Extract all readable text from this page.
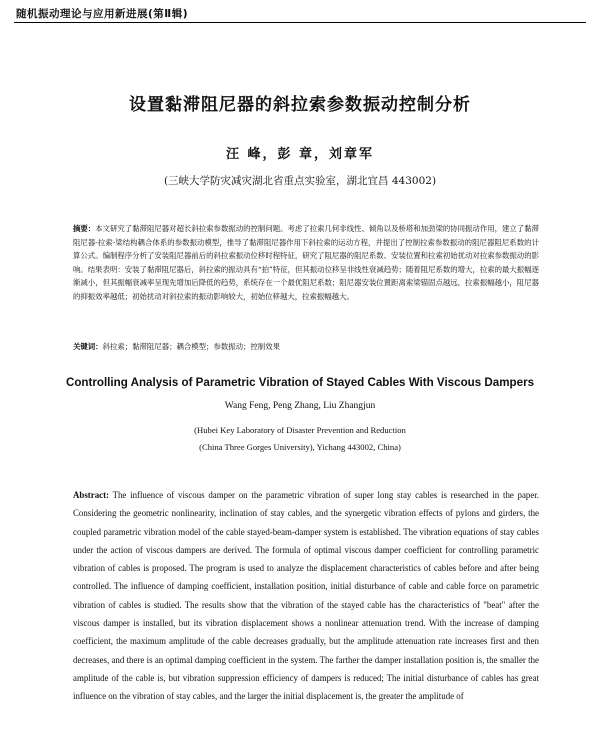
随机振动理论与应用新进展(第Ⅱ辑)
设置黏滞阻尼器的斜拉索参数振动控制分析
汪 峰，彭 章，刘章军
(三峡大学防灾减灾湖北省重点实验室，湖北宜昌 443002)
摘要：本文研究了黏滞阻尼器对超长斜拉索参数振动的控制问题。考虑了拉索几何非线性、倾角以及桥塔和加劲梁的协同振动作用，建立了黏滞阻尼器-拉索-梁结构耦合体系的参数振动模型，推导了黏滞阻尼器作用下斜拉索的运动方程，并提出了控制拉索参数振动的阻尼器阻尼系数的计算公式。编制程序分析了安装阻尼器前后的斜拉索振动位移时程特征，研究了阻尼器的阻尼系数、安装位置和拉索初始扰动对拉索参数振动的影响。结果表明：安装了黏滞阻尼器后，斜拉索的振动具有“拍”特征，但其振动位移呈非线性衰减趋势；随着阻尼系数的增大，拉索的最大振幅逐渐减小，但其振幅衰减率呈现先增加后降低的趋势，系统存在一个最优阻尼系数；阻尼器安装位置距离索梁锚固点越远，拉索振幅越小，阻尼器的抑振效率越低；初始扰动对斜拉索的振动影响较大，初始位移越大，拉索振幅越大。
关键词：斜拉索；黏滞阻尼器；耦合模型；参数振动；控制效果
Controlling Analysis of Parametric Vibration of Stayed Cables With Viscous Dampers
Wang Feng, Peng Zhang, Liu Zhangjun
(Hubei Key Laboratory of Disaster Prevention and Reduction
(China Three Gorges University), Yichang 443002, China)
Abstract: The influence of viscous damper on the parametric vibration of super long stay cables is researched in the paper. Considering the geometric nonlinearity, inclination of stay cables, and the synergetic vibration effects of pylons and girders, the coupled parametric vibration model of the cable stayed-beam-damper system is established. The vibration equations of stay cables under the action of viscous dampers are derived. The formula of optimal viscous damper coefficient for controlling parametric vibration of cables is proposed. The program is used to analyze the displacement characteristics of cables before and after being controlled. The influence of damping coefficient, installation position, initial disturbance of cable and cable force on parametric vibration of cables is studied. The results show that the vibration of the stayed cable has the characteristics of "beat" after the viscous damper is installed, but its vibration displacement shows a nonlinear attenuation trend. With the increase of damping coefficient, the maximum amplitude of the cable decreases gradually, but the amplitude attenuation rate increases first and then decreases, and there is an optimal damping coefficient in the system. The farther the damper installation position is, the smaller the amplitude of the cable is, but vibration suppression efficiency of dampers is reduced; The initial disturbance of cables has great influence on the vibration of stay cables, and the larger the initial displacement is, the greater the amplitude of
